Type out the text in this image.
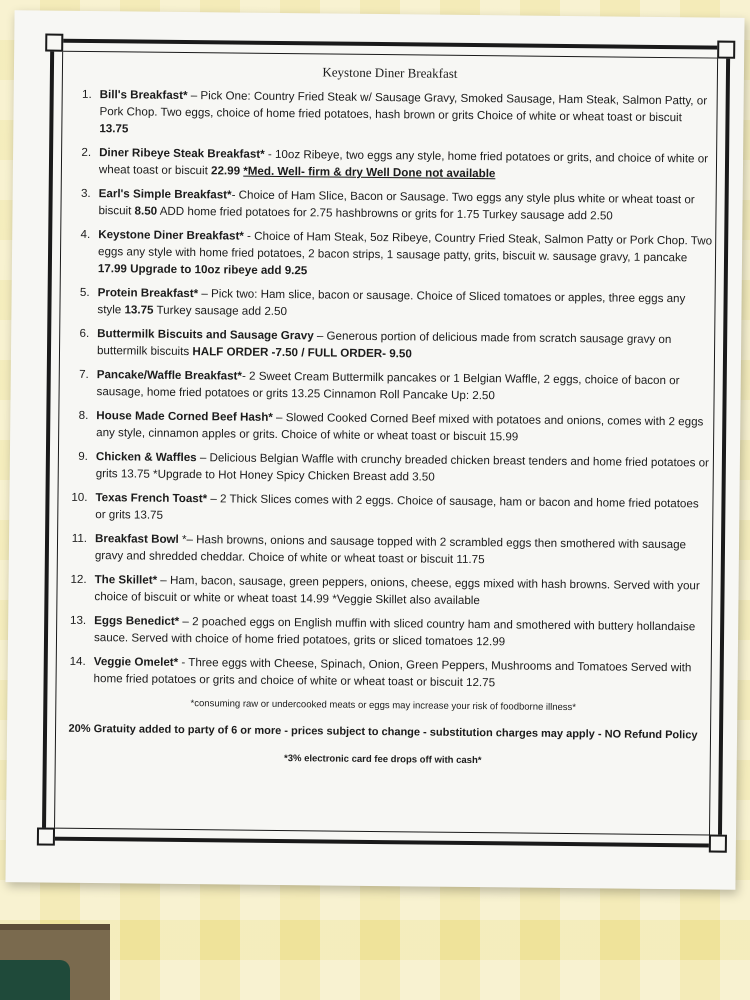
Keystone Diner Breakfast
1. Bill's Breakfast* – Pick One: Country Fried Steak w/ Sausage Gravy, Smoked Sausage, Ham Steak, Salmon Patty, or Pork Chop. Two eggs, choice of home fried potatoes, hash brown or grits Choice of white or wheat toast or biscuit 13.75
2. Diner Ribeye Steak Breakfast* - 10oz Ribeye, two eggs any style, home fried potatoes or grits, and choice of white or wheat toast or biscuit 22.99 *Med. Well- firm & dry Well Done not available
3. Earl's Simple Breakfast*- Choice of Ham Slice, Bacon or Sausage. Two eggs any style plus white or wheat toast or biscuit 8.50 ADD home fried potatoes for 2.75 hashbrowns or grits for 1.75 Turkey sausage add 2.50
4. Keystone Diner Breakfast* - Choice of Ham Steak, 5oz Ribeye, Country Fried Steak, Salmon Patty or Pork Chop. Two eggs any style with home fried potatoes, 2 bacon strips, 1 sausage patty, grits, biscuit w. sausage gravy, 1 pancake 17.99 Upgrade to 10oz ribeye add 9.25
5. Protein Breakfast* – Pick two: Ham slice, bacon or sausage. Choice of Sliced tomatoes or apples, three eggs any style 13.75 Turkey sausage add 2.50
6. Buttermilk Biscuits and Sausage Gravy – Generous portion of delicious made from scratch sausage gravy on buttermilk biscuits HALF ORDER -7.50 / FULL ORDER- 9.50
7. Pancake/Waffle Breakfast*- 2 Sweet Cream Buttermilk pancakes or 1 Belgian Waffle, 2 eggs, choice of bacon or sausage, home fried potatoes or grits 13.25 Cinnamon Roll Pancake Up: 2.50
8. House Made Corned Beef Hash* – Slowed Cooked Corned Beef mixed with potatoes and onions, comes with 2 eggs any style, cinnamon apples or grits. Choice of white or wheat toast or biscuit 15.99
9. Chicken & Waffles – Delicious Belgian Waffle with crunchy breaded chicken breast tenders and home fried potatoes or grits 13.75 *Upgrade to Hot Honey Spicy Chicken Breast add 3.50
10. Texas French Toast* – 2 Thick Slices comes with 2 eggs. Choice of sausage, ham or bacon and home fried potatoes or grits 13.75
11. Breakfast Bowl *– Hash browns, onions and sausage topped with 2 scrambled eggs then smothered with sausage gravy and shredded cheddar. Choice of white or wheat toast or biscuit 11.75
12. The Skillet* – Ham, bacon, sausage, green peppers, onions, cheese, eggs mixed with hash browns. Served with your choice of biscuit or white or wheat toast 14.99 *Veggie Skillet also available
13. Eggs Benedict* – 2 poached eggs on English muffin with sliced country ham and smothered with buttery hollandaise sauce. Served with choice of home fried potatoes, grits or sliced tomatoes 12.99
14. Veggie Omelet* - Three eggs with Cheese, Spinach, Onion, Green Peppers, Mushrooms and Tomatoes Served with home fried potatoes or grits and choice of white or wheat toast or biscuit 12.75
*consuming raw or undercooked meats or eggs may increase your risk of foodborne illness*
20% Gratuity added to party of 6 or more - prices subject to change - substitution charges may apply - NO Refund Policy
*3% electronic card fee drops off with cash*
